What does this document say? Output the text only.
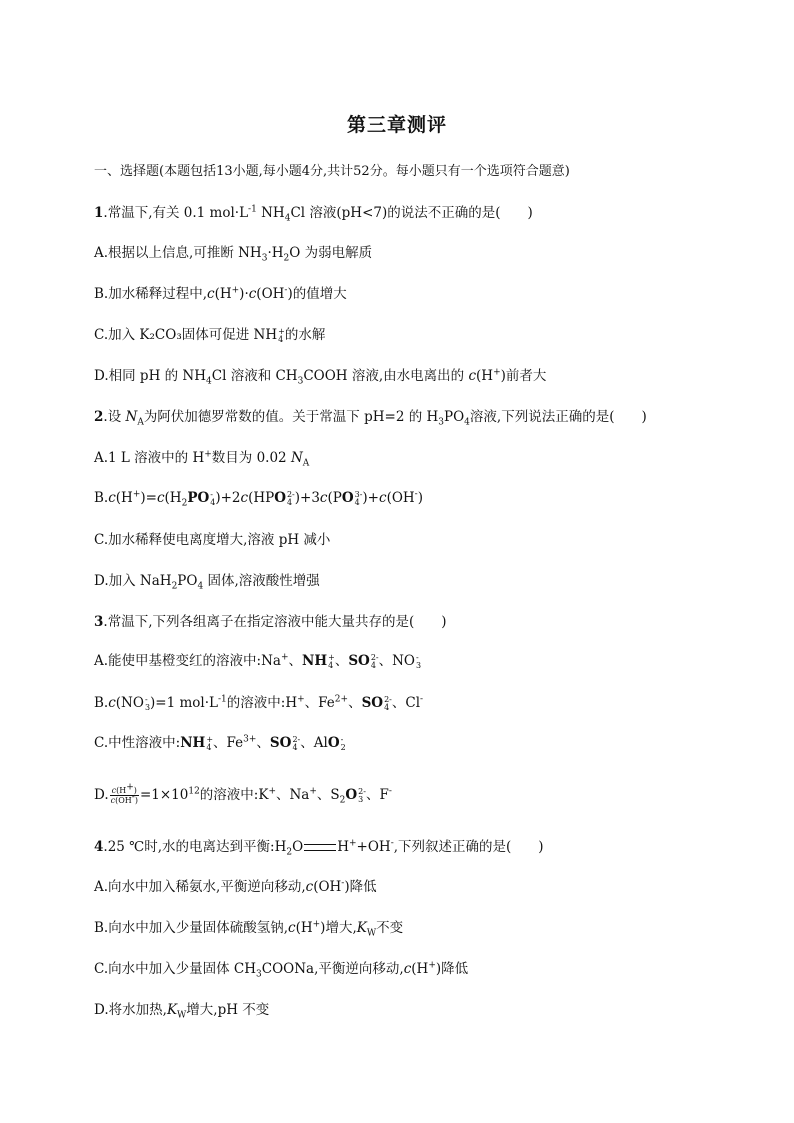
第三章测评
一、选择题(本题包括13小题,每小题4分,共计52分。每小题只有一个选项符合题意)
1.常温下,有关 0.1 $mol\cdot L^{-1}$ $NH_4Cl$ 溶液(pH<7)的说法不正确的是(　　)
A.根据以上信息,可推断 $NH_3\cdot H_2O$ 为弱电解质
B.加水稀释过程中,c(H+)·c(OH-)的值增大
C.加入 K₂CO₃固体可促进 NH +
4 的水解
D.相同 pH 的 $NH_4Cl$ 溶液和 $CH_3COOH$ 溶液,由水电离出的 c(H+)前者大
2.设 $N_A$为阿伏加德罗常数的值。关于常温下 pH=2 的 $H_3PO_4$溶液,下列说法正确的是(　　)
A.1 L 溶液中的 H+数目为 0.02 $N_A$
$B.c(H^+)=c(H_2PO$ -
4 )+2c(HPO 2-
4 )+3c(PO 3-
4 )+c(OH-)
C.加水稀释使电离度增大,溶液 pH 减小
D.加入 $NaH_2PO_4$ 固体,溶液酸性增强
3.常温下,下列各组离子在指定溶液中能大量共存的是(　　)
A.能使甲基橙变红的溶液中:Na+、NH +
4 、SO 2-
4 、NO -
3
B.c(NO -
3 )=1 $mol\cdot L^{-1}$的溶液中:H+、$Fe^{2+}$、SO 2-
4 、Cl-
C.中性溶液中:NH +
4 、$Fe^{3+}$、SO 2-
4 、AlO -
2
D. $\frac{c(H^+)}{c(OH^-)} =1\times 10^{12}$的溶液中:K+、Na+、$S_2O$ 2-
3 、F-
4.25 ℃时,水的电离达到平衡$:H_2O$	H++OH-,下列叙述正确的是(　　)
A.向水中加入稀氨水,平衡逆向移动,c(OH-)降低
B.向水中加入少量固体硫酸氢钠,c(H+)增大$,K_W$不变
C.向水中加入少量固体 $CH_3COONa$,平衡逆向移动,c(H+)降低
D.将水加热$,K_W$增大,pH 不变
